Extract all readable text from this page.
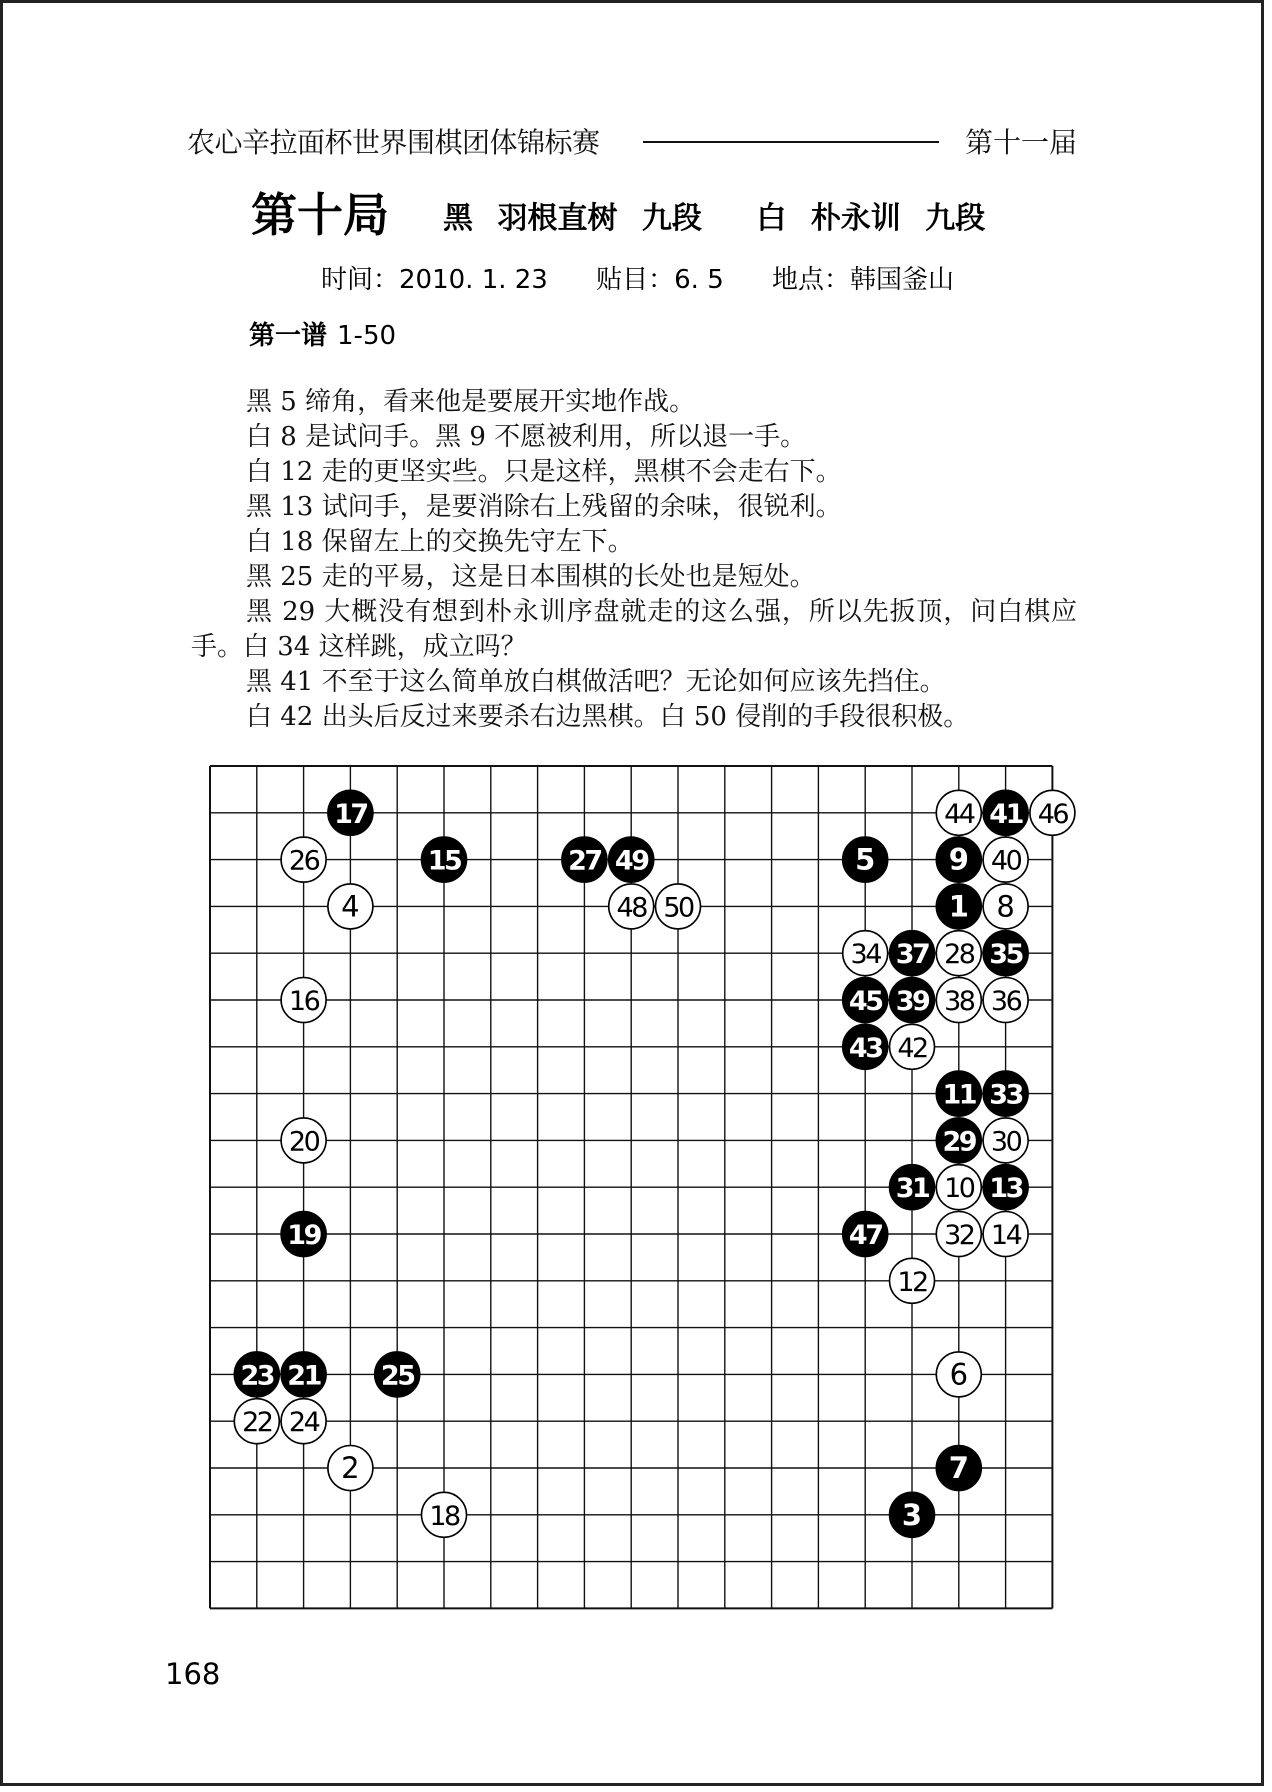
农心辛拉面杯世界围棋团体锦标赛	第十一届
第十局 黑 羽根直树 九段 白 朴永训 九段
时间：2010. 1. 23 贴目：6. 5 地点：韩国釜山
第一谱 1-50

黑 5 缔角，看来他是要展开实地作战。

白 8 是试问手。黑 9 不愿被利用，所以退一手。

白 12 走的更坚实些。只是这样，黑棋不会走右下。

黑 13 试问手，是要消除右上残留的余味，很锐利。

白 18 保留左上的交换先守左下。

黑 25 走的平易，这是日本围棋的长处也是短处。

黑 29 大概没有想到朴永训序盘就走的这么强，所以先扳顶，问白棋应手。白 34 这样跳，成立吗？

黑 41 不至于这么简单放白棋做活吧？无论如何应该先挡住。

白 42 出头后反过来要杀右边黑棋。白 50 侵削的手段很积极。

1
2
3
4
5
6
7
8
9
10
11
12
13
14
15
16
17
18
19
20
21
22
23
24
25
26	27
28
29 30
31
32
33
34	35
36
37
38
39
40
41
42
43
44
45
46
47
48
49
50
168
